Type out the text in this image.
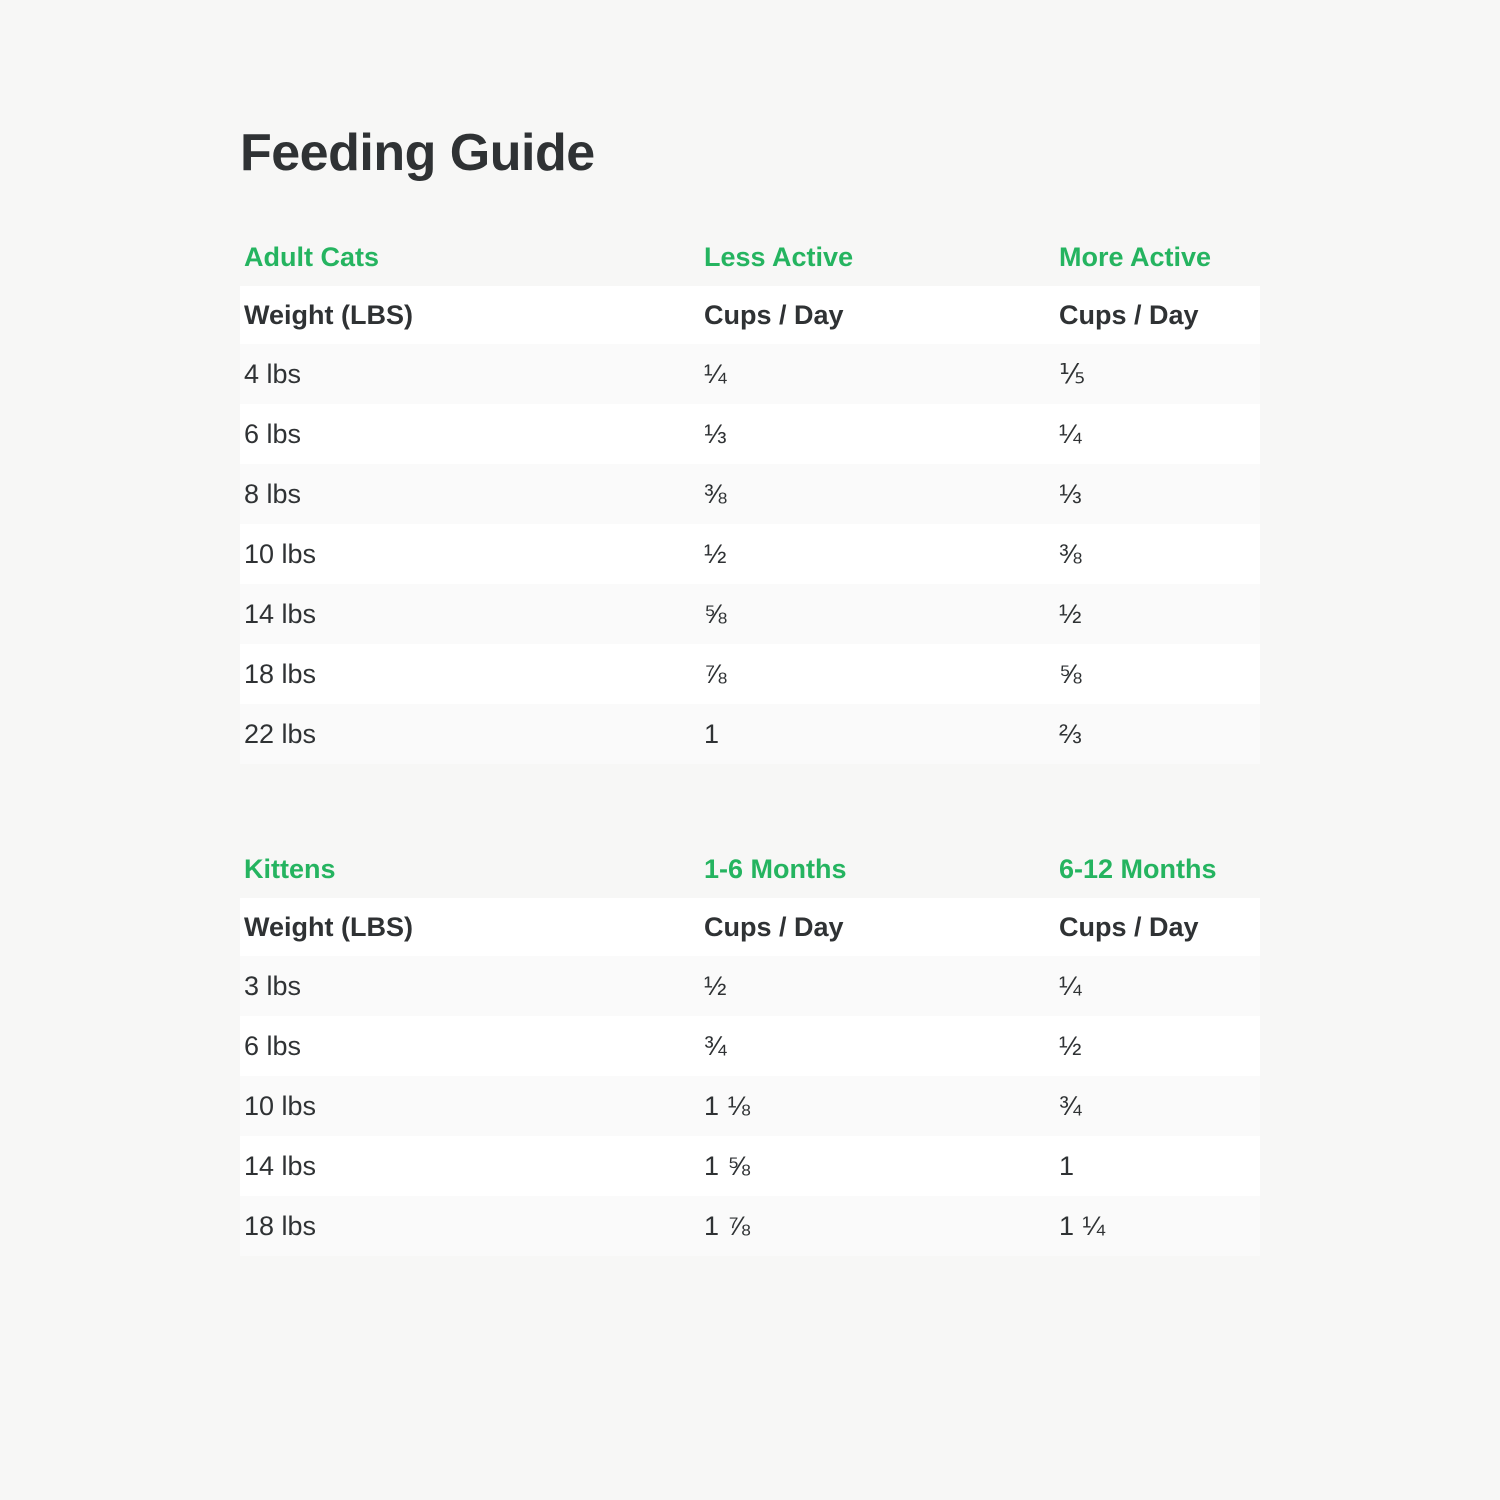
Feeding Guide
Adult Cats	Less Active	More Active
Weight (LBS)	Cups / Day	Cups / Day
4 lbs	¼	⅕
6 lbs	⅓	¼
8 lbs	⅜	⅓
10 lbs	½	⅜
14 lbs	⅝	½
18 lbs	⅞	⅝
22 lbs	1	⅔
Kittens	1-6 Months	6-12 Months
Weight (LBS)	Cups / Day	Cups / Day
3 lbs	½	¼
6 lbs	¾	½
10 lbs	1 ⅛	¾
14 lbs	1 ⅝	1
18 lbs	1 ⅞	1 ¼
